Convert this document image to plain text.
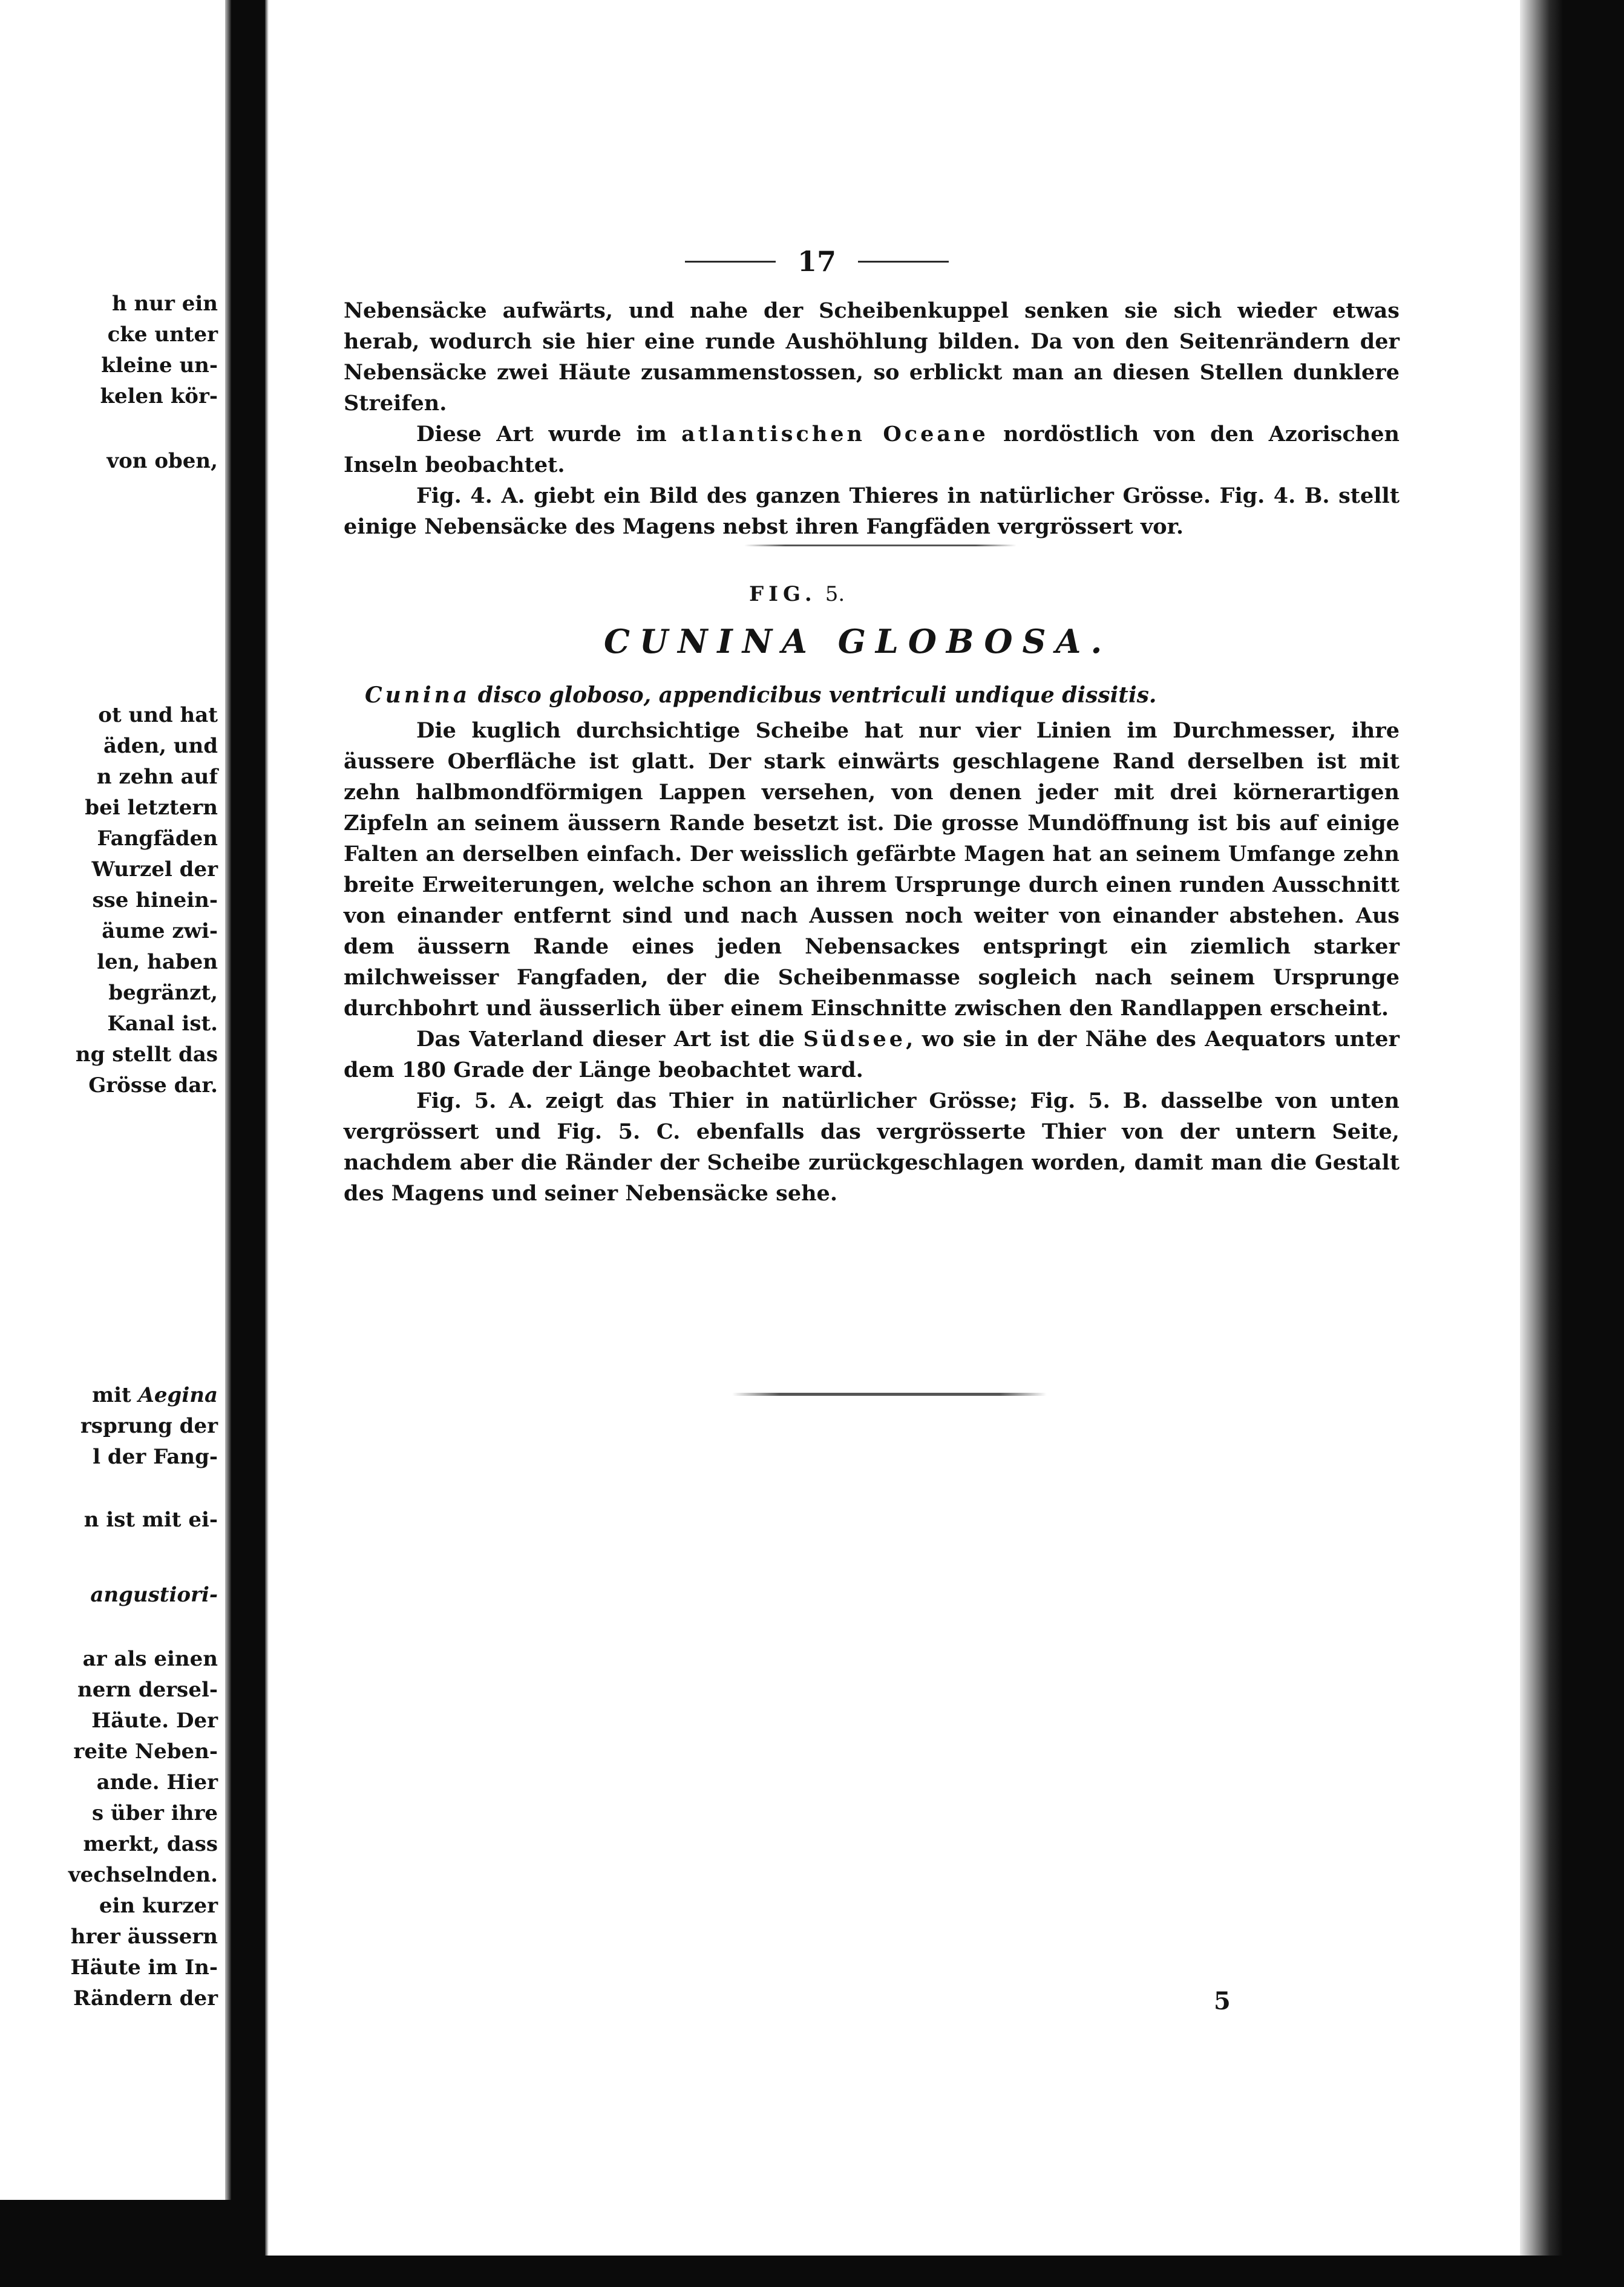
h nur ein
cke unter
kleine un-
kelen kör-
von oben,
ot und hat
äden, und
n zehn auf
bei letztern
Fangfäden
Wurzel der
sse hinein-
äume zwi-
len, haben
begränzt,
Kanal ist.
ng stellt das
Grösse dar.
mit Aegina
rsprung der
l der Fang-
n ist mit ei-
angustiori-
ar als einen
nern dersel-
Häute. Der
reite Neben-
ande. Hier
s über ihre
merkt, dass
vechselnden.
ein kurzer
hrer äussern
Häute im In-
Rändern der
17

Nebensäcke aufwärts, und nahe der Scheibenkuppel senken sie sich wieder etwas herab, wodurch sie hier eine runde Aushöhlung bilden. Da von den Seitenrändern der Nebensäcke zwei Häute zusammenstossen, so erblickt man an diesen Stellen dunklere Streifen.

Diese Art wurde im atlantischen Oceane nordöstlich von den Azorischen Inseln beobachtet.

Fig. 4. A. giebt ein Bild des ganzen Thieres in natürlicher Grösse. Fig. 4. B. stellt einige Nebensäcke des Magens nebst ihren Fangfäden vergrössert vor.

FIG. 5.
CUNINA GLOBOSA.
Cunina disco globoso, appendicibus ventriculi undique dissitis.

Die kuglich durchsichtige Scheibe hat nur vier Linien im Durchmesser, ihre äussere Oberfläche ist glatt. Der stark einwärts geschlagene Rand derselben ist mit zehn halbmondförmigen Lappen versehen, von denen jeder mit drei körnerartigen Zipfeln an seinem äussern Rande besetzt ist. Die grosse Mundöffnung ist bis auf einige Falten an derselben einfach. Der weisslich gefärbte Magen hat an seinem Umfange zehn breite Erweiterungen, welche schon an ihrem Ursprunge durch einen runden Ausschnitt von einander entfernt sind und nach Aussen noch weiter von einander abstehen. Aus dem äussern Rande eines jeden Nebensackes entspringt ein ziemlich starker milchweisser Fangfaden, der die Scheibenmasse sogleich nach seinem Ursprunge durchbohrt und äusserlich über einem Einschnitte zwischen den Randlappen erscheint.

Das Vaterland dieser Art ist die Südsee, wo sie in der Nähe des Aequators unter dem 180 Grade der Länge beobachtet ward.

Fig. 5. A. zeigt das Thier in natürlicher Grösse; Fig. 5. B. dasselbe von unten vergrössert und Fig. 5. C. ebenfalls das vergrösserte Thier von der untern Seite, nachdem aber die Ränder der Scheibe zurückgeschlagen worden, damit man die Gestalt des Magens und seiner Nebensäcke sehe.

5
